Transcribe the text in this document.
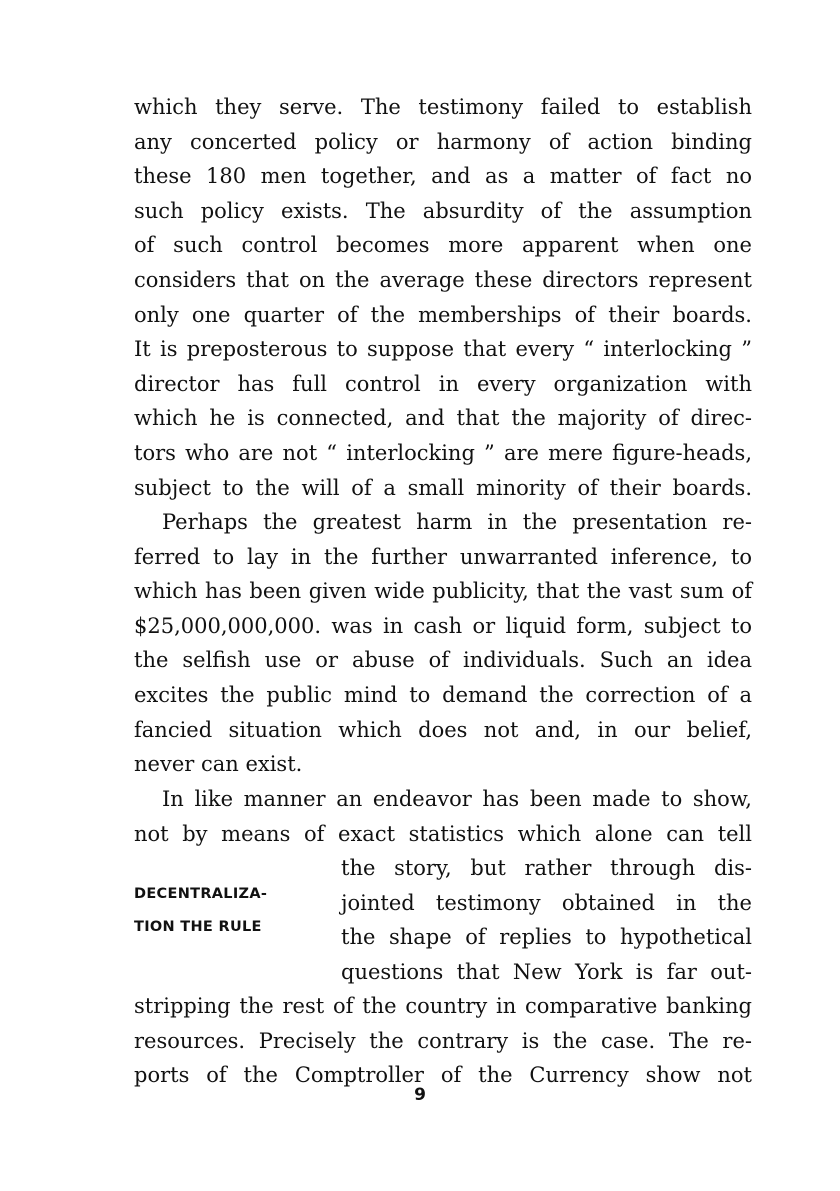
which they serve. The testimony failed to establish
any concerted policy or harmony of action binding
these 180 men together, and as a matter of fact no
such policy exists. The absurdity of the assumption
of such control becomes more apparent when one
considers that on the average these directors represent
only one quarter of the memberships of their boards.
It is preposterous to suppose that every “ interlocking ”
director has full control in every organization with
which he is connected, and that the majority of direc-
tors who are not “ interlocking ” are mere figure-heads,
subject to the will of a small minority of their boards.
Perhaps the greatest harm in the presentation re-
ferred to lay in the further unwarranted inference, to
which has been given wide publicity, that the vast sum of
$25,000,000,000. was in cash or liquid form, subject to
the selfish use or abuse of individuals. Such an idea
excites the public mind to demand the correction of a
fancied situation which does not and, in our belief,
never can exist.
In like manner an endeavor has been made to show,
not by means of exact statistics which alone can tell
the story, but rather through dis-
jointed testimony obtained in the
the shape of replies to hypothetical
questions that New York is far out-
stripping the rest of the country in comparative banking
resources. Precisely the contrary is the case. The re-
ports of the Comptroller of the Currency show not
DECENTRALIZA-
TION THE RULE
9
